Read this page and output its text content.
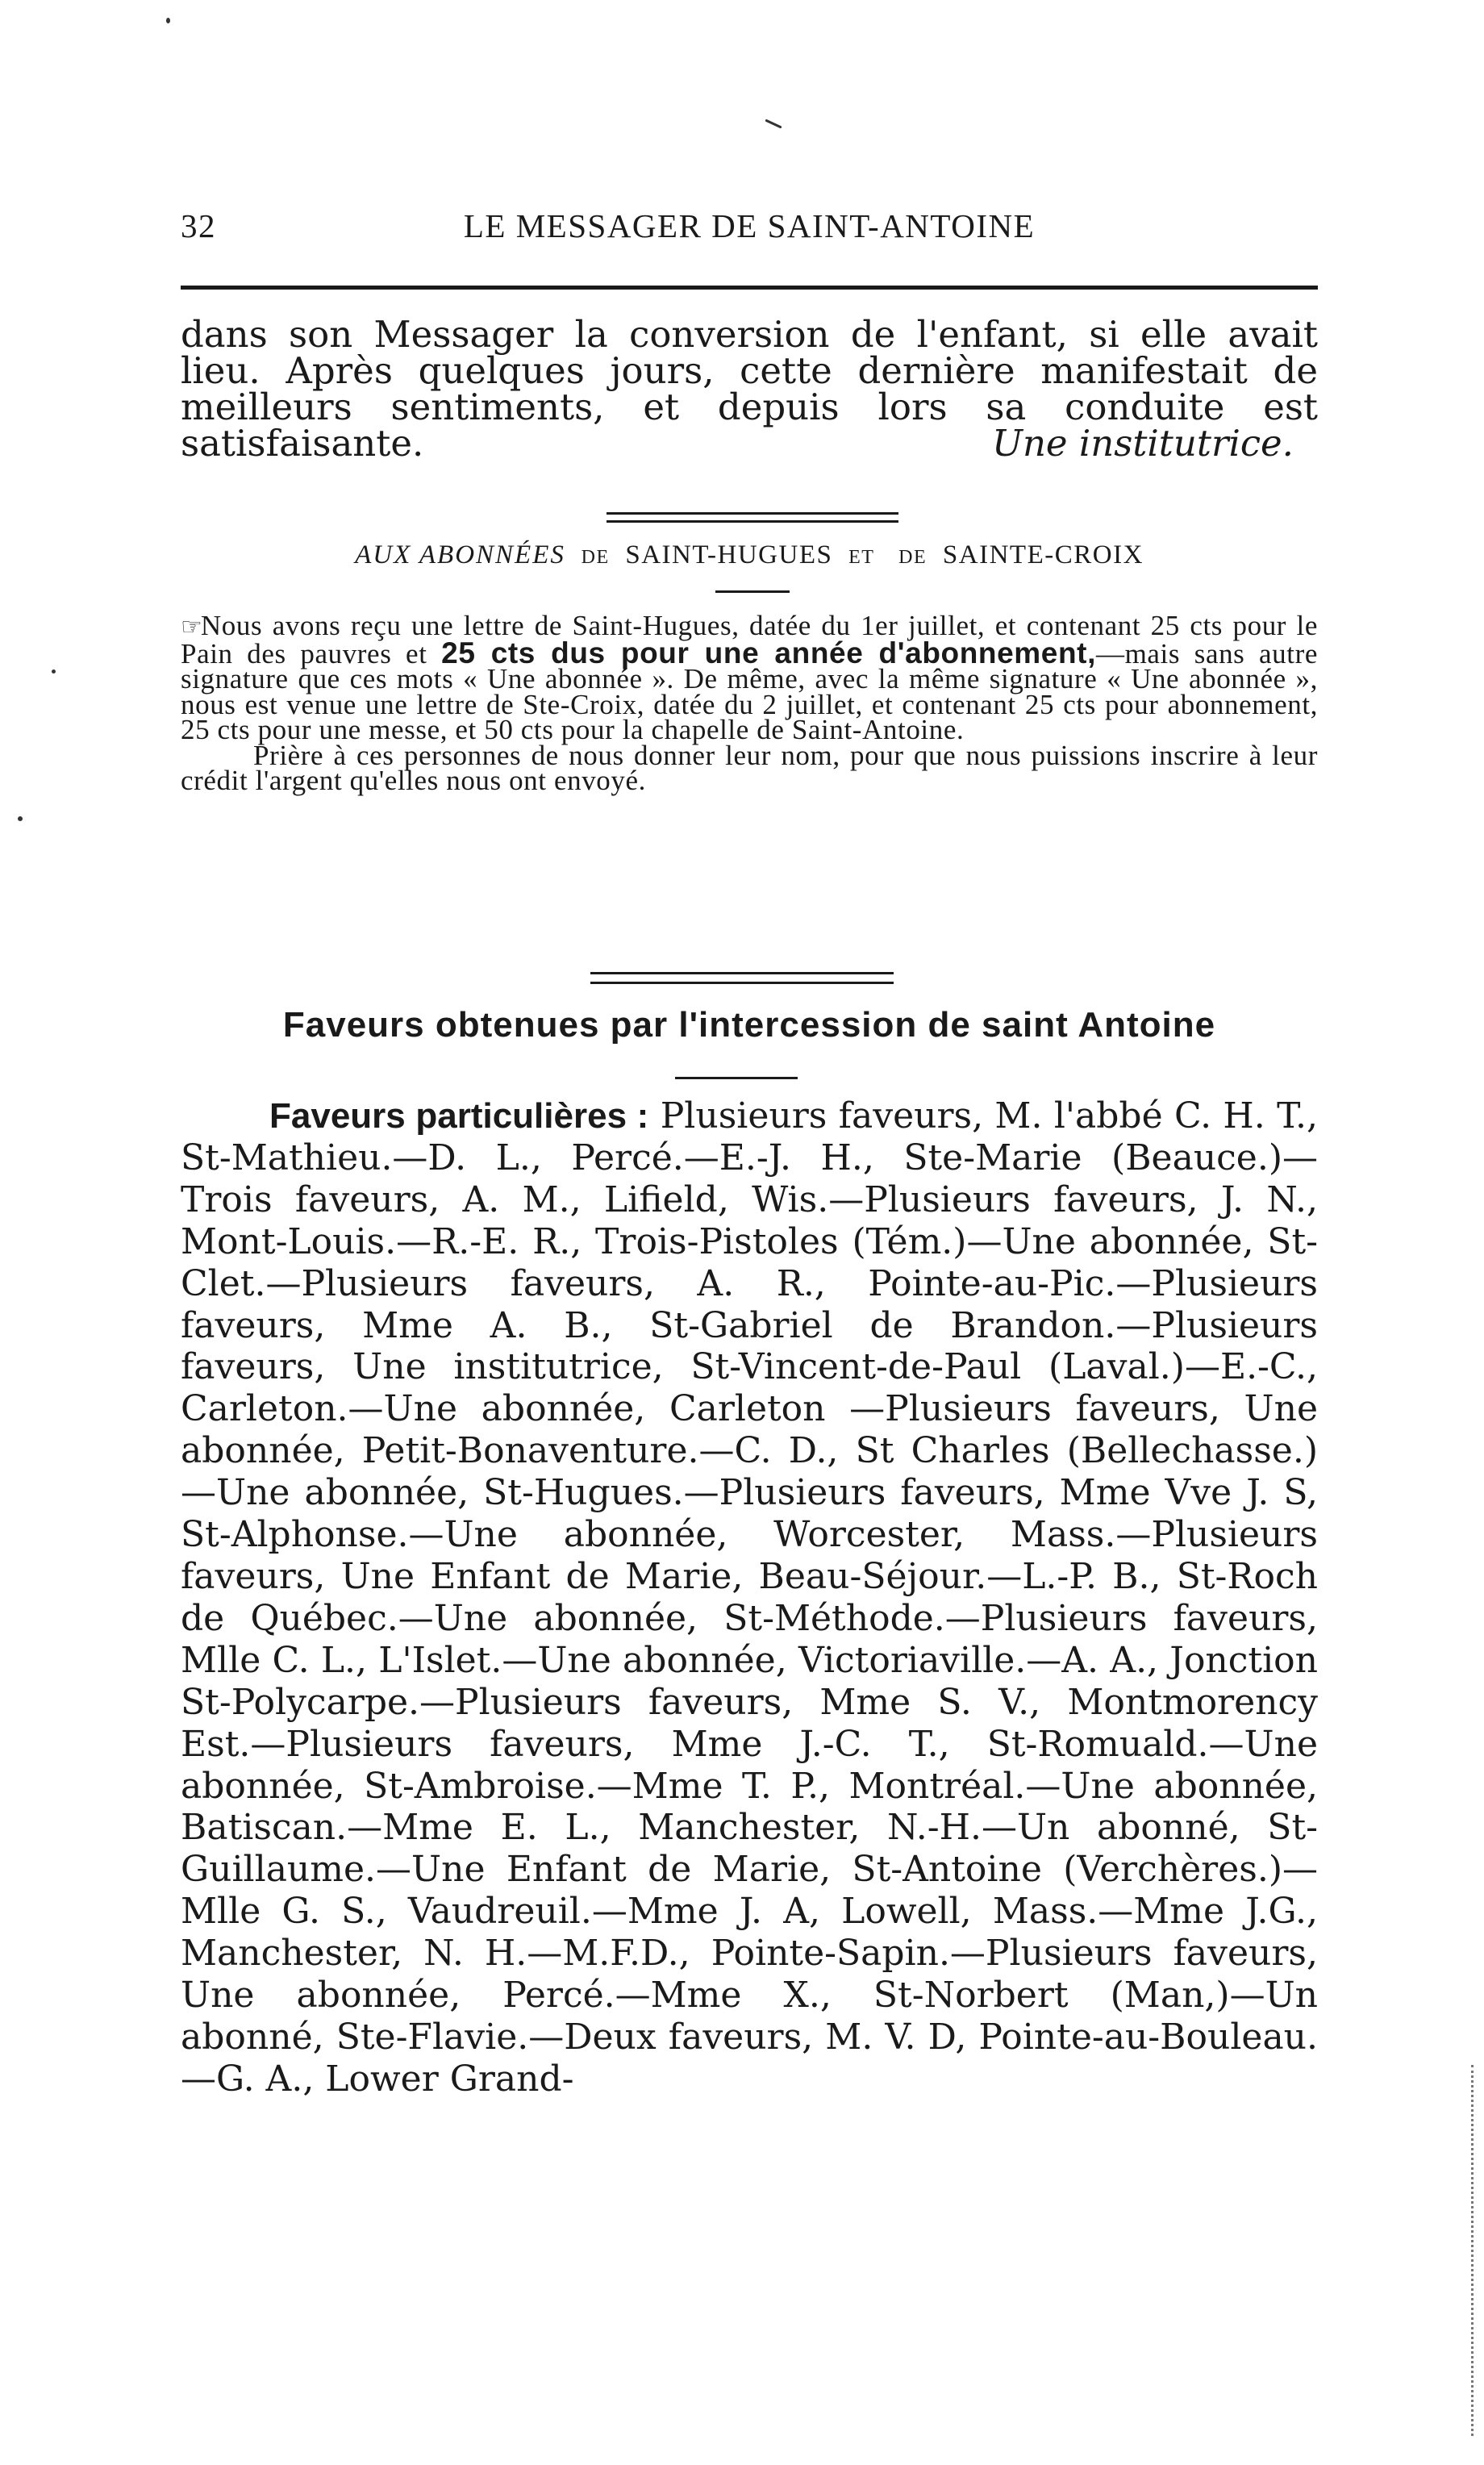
32	LE MESSAGER DE SAINT-ANTOINE
dans son Messager la conversion de l'enfant, si elle avait lieu. Après quelques jours, cette dernière manifestait de meilleurs sentiments, et depuis lors sa conduite est satisfaisante.	Une institutrice.
AUX ABONNÉES DE SAINT-HUGUES ET DE SAINTE-CROIX

☞Nous avons reçu une lettre de Saint-Hugues, datée du 1er juillet, et contenant 25 cts pour le Pain des pauvres et 25 cts dus pour une année d'abonnement,—mais sans autre signature que ces mots « Une abonnée ». De même, avec la même signature « Une abonnée », nous est venue une lettre de Ste-Croix, datée du 2 juillet, et contenant 25 cts pour abonnement, 25 cts pour une messe, et 50 cts pour la chapelle de Saint-Antoine.

Prière à ces personnes de nous donner leur nom, pour que nous puissions inscrire à leur crédit l'argent qu'elles nous ont envoyé.

Faveurs obtenues par l'intercession de saint Antoine

Faveurs particulières : Plusieurs faveurs, M. l'abbé C. H. T., St-Mathieu.—D. L., Percé.—E.-J. H., Ste-Marie (Beauce.)—Trois faveurs, A. M., Lifield, Wis.—Plusieurs faveurs, J. N., Mont-Louis.—R.-E. R., Trois-Pistoles (Tém.)—Une abonnée, St-Clet.—Plusieurs faveurs, A. R., Pointe-au-Pic.—Plusieurs faveurs, Mme A. B., St-Gabriel de Brandon.—Plusieurs faveurs, Une institutrice, St-Vincent-de-Paul (Laval.)—E.-C., Carleton.—Une abonnée, Carleton —Plusieurs faveurs, Une abonnée, Petit-Bonaventure.—C. D., St Charles (Bellechasse.)—Une abonnée, St-Hugues.—Plusieurs faveurs, Mme Vve J. S, St-Alphonse.—Une abonnée, Worcester, Mass.—Plusieurs faveurs, Une Enfant de Marie, Beau-Séjour.—L.-P. B., St-Roch de Québec.—Une abonnée, St-Méthode.—Plusieurs faveurs, Mlle C. L., L'Islet.—Une abonnée, Victoriaville.—A. A., Jonction St-Polycarpe.—Plusieurs faveurs, Mme S. V., Montmorency Est.—Plusieurs faveurs, Mme J.-C. T., St-Romuald.—Une abonnée, St-Ambroise.—Mme T. P., Montréal.—Une abonnée, Batiscan.—Mme E. L., Manchester, N.-H.—Un abonné, St-Guillaume.—Une Enfant de Marie, St-Antoine (Verchères.)—Mlle G. S., Vaudreuil.—Mme J. A, Lowell, Mass.—Mme J.G., Manchester, N. H.—M.F.D., Pointe-Sapin.—Plusieurs faveurs, Une abonnée, Percé.—Mme X., St-Norbert (Man,)—Un abonné, Ste-Flavie.—Deux faveurs, M. V. D, Pointe-au-Bouleau.—G. A., Lower Grand-
